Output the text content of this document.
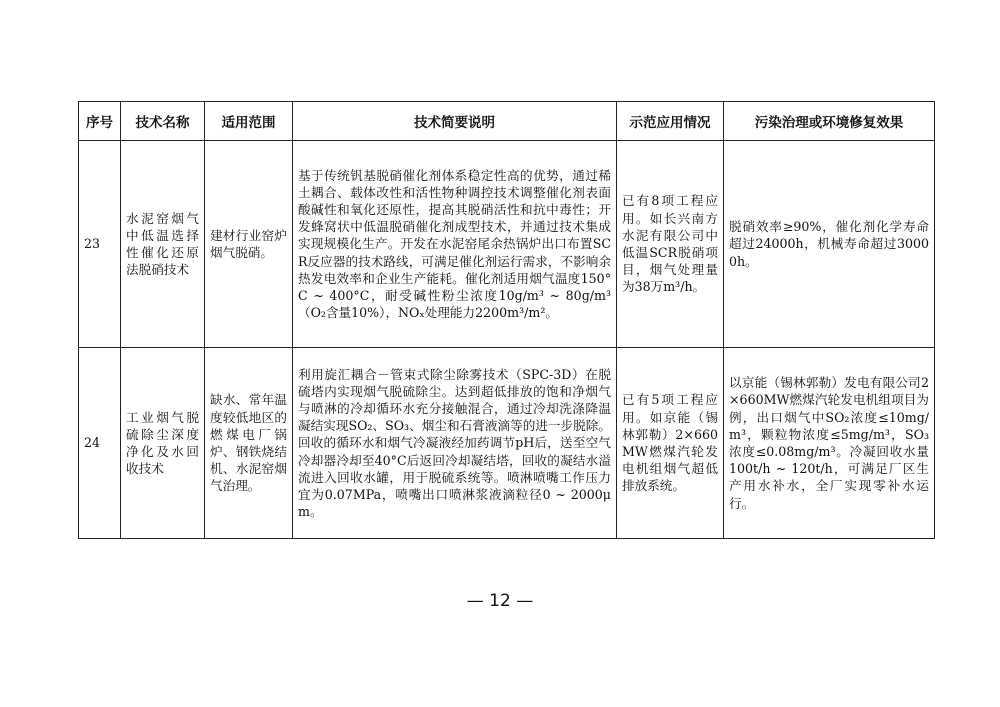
序号	技术名称	适用范围	技术简要说明	示范应用情况	污染治理或环境修复效果
23	水泥窑烟气中低温选择性催化还原法脱硝技术	建材行业窑炉烟气脱硝。	基于传统钒基脱硝催化剂体系稳定性高的优势，通过稀土耦合、载体改性和活性物种调控技术调整催化剂表面酸碱性和氧化还原性，提高其脱硝活性和抗中毒性；开发蜂窝状中低温脱硝催化剂成型技术，并通过技术集成实现规模化生产。开发在水泥窑尾余热锅炉出口布置SCR反应器的技术路线，可满足催化剂运行需求，不影响余热发电效率和企业生产能耗。催化剂适用烟气温度150°C ~ 400°C，耐受碱性粉尘浓度10g/m³ ~ 80g/m³（O₂含量10%），NOₓ处理能力2200m³/m²。	已有8项工程应用。如长兴南方水泥有限公司中低温SCR脱硝项目，烟气处理量为38万m³/h。	脱硝效率≥90%，催化剂化学寿命超过24000h，机械寿命超过30000h。
24	工业烟气脱硫除尘深度净化及水回收技术	缺水、常年温度较低地区的燃煤电厂锅炉、钢铁烧结机、水泥窑烟气治理。	利用旋汇耦合－管束式除尘除雾技术（SPC-3D）在脱硫塔内实现烟气脱硫除尘。达到超低排放的饱和净烟气与喷淋的冷却循环水充分接触混合，通过冷却洗涤降温凝结实现SO₂、SO₃、烟尘和石膏液滴等的进一步脱除。回收的循环水和烟气冷凝液经加药调节pH后，送至空气冷却器冷却至40°C后返回冷却凝结塔，回收的凝结水溢流进入回收水罐，用于脱硫系统等。喷淋喷嘴工作压力宜为0.07MPa，喷嘴出口喷淋浆液滴粒径0 ~ 2000μm。	已有5项工程应用。如京能（锡林郭勒）2×660MW燃煤汽轮发电机组烟气超低排放系统。	以京能（锡林郭勒）发电有限公司2×660MW燃煤汽轮发电机组项目为例，出口烟气中SO₂浓度≤10mg/m³，颗粒物浓度≤5mg/m³，SO₃浓度≤0.08mg/m³。冷凝回收水量100t/h ~ 120t/h，可满足厂区生产用水补水，全厂实现零补水运行。
— 12 —
